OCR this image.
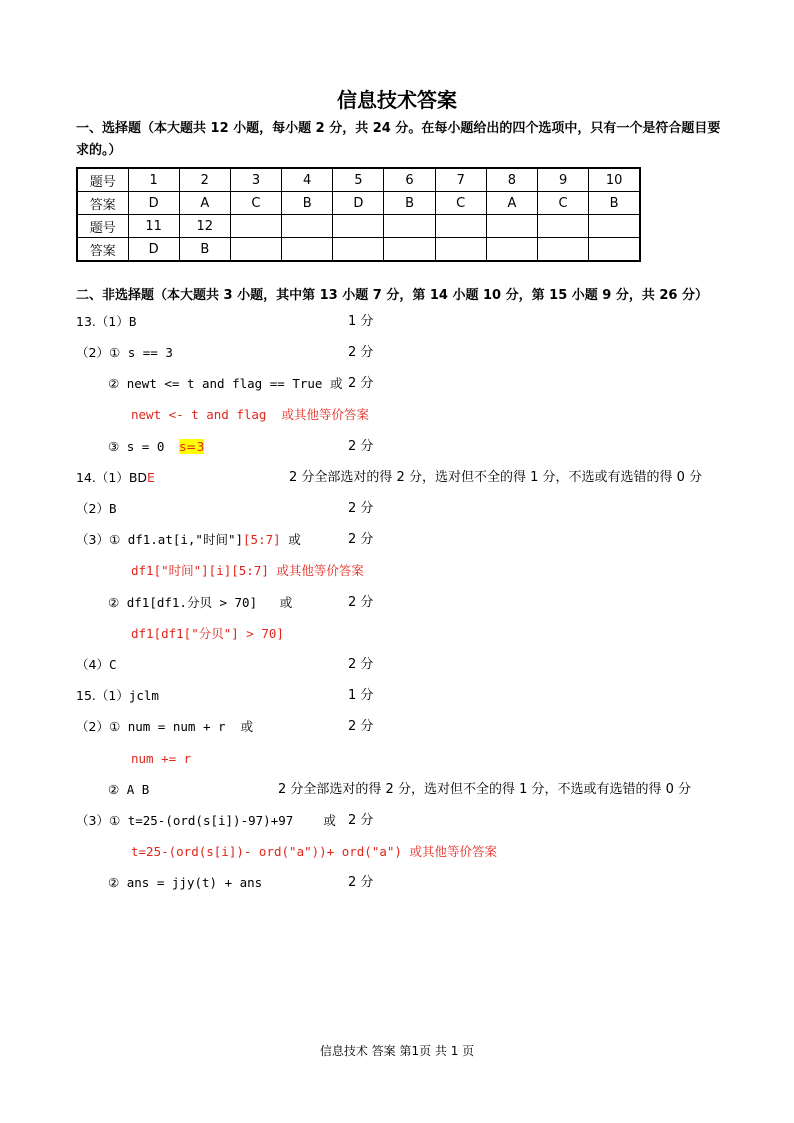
信息技术答案
一、选择题（本大题共 12 小题，每小题 2 分，共 24 分。在每小题给出的四个选项中，只有一个是符合题目要求的。）
题号	1	2	3	4	5	6	7	8	9	10
答案	D	A	C	B	D	B	C	A	C	B
题号	11	12								
答案	D	B								
二、非选择题（本大题共 3 小题，其中第 13 小题 7 分，第 14 小题 10 分，第 15 小题 9 分，共 26 分）
13.（1）B	1 分
（2）① s == 3	2 分
② newt <= t and flag == True 或 2 分
newt <- t and flag 或其他等价答案
③ s = 0 s=3	2 分
14.（1）BDE	2 分全部选对的得 2 分，选对但不全的得 1 分，不选或有选错的得 0 分
（2）B	2 分
（3）① df1.at[i,"时间"][5:7] 或	2 分
df1["时间"][i][5:7] 或其他等价答案
② df1[df1.分贝 > 70] 或	2 分
df1[df1["分贝"] > 70]
（4）C	2 分
15.（1）jclm	1 分
（2）① num = num + r 或	2 分
num += r
② A B	2 分全部选对的得 2 分，选对但不全的得 1 分，不选或有选错的得 0 分
（3）① t=25-(ord(s[i])-97)+97 或 2 分
t=25-(ord(s[i])- ord("a"))+ ord("a") 或其他等价答案
② ans = jjy(t) + ans	2 分
信息技术 答案 第1页 共 1 页
